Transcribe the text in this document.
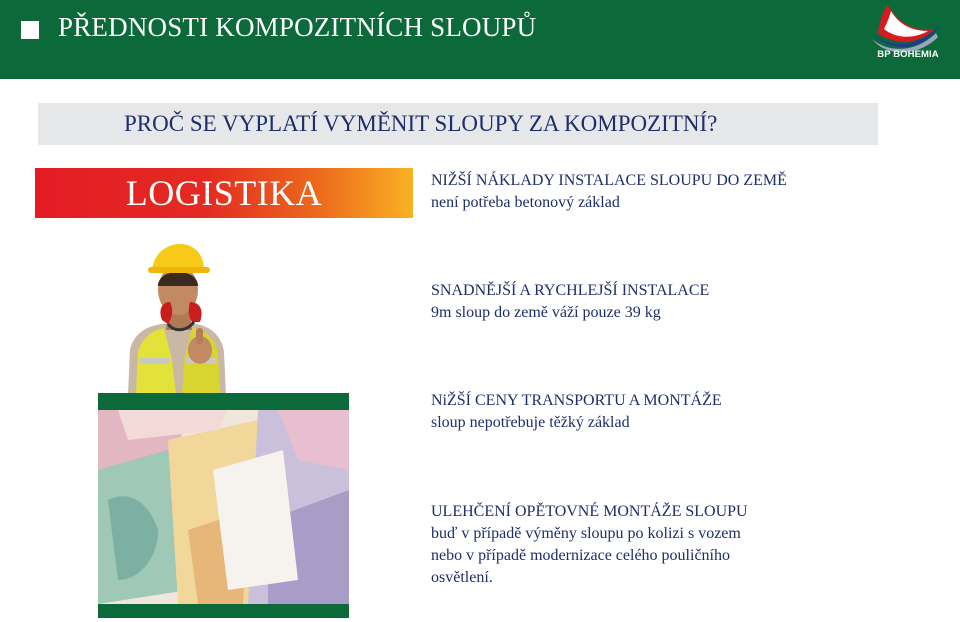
PŘEDNOSTI KOMPOZITNÍCH SLOUPŮ
BP BOHEMIA
PROČ SE VYPLATÍ VYMĚNIT SLOUPY ZA KOMPOZITNÍ?
LOGISTIKA	NIŽŠÍ NÁKLADY INSTALACE SLOUPU DO ZEMĚ
není potřeba betonový základ
SNADNĚJŠÍ A RYCHLEJŠÍ INSTALACE
9m sloup do země váží pouze 39 kg
NiŽŠÍ CENY TRANSPORTU A MONTÁŽE
sloup nepotřebuje těžký základ
ULEHČENÍ OPĚTOVNÉ MONTÁŽE SLOUPU
buď v případě výměny sloupu po kolizi s vozem
nebo v případě modernizace celého pouličního
osvětlení.
